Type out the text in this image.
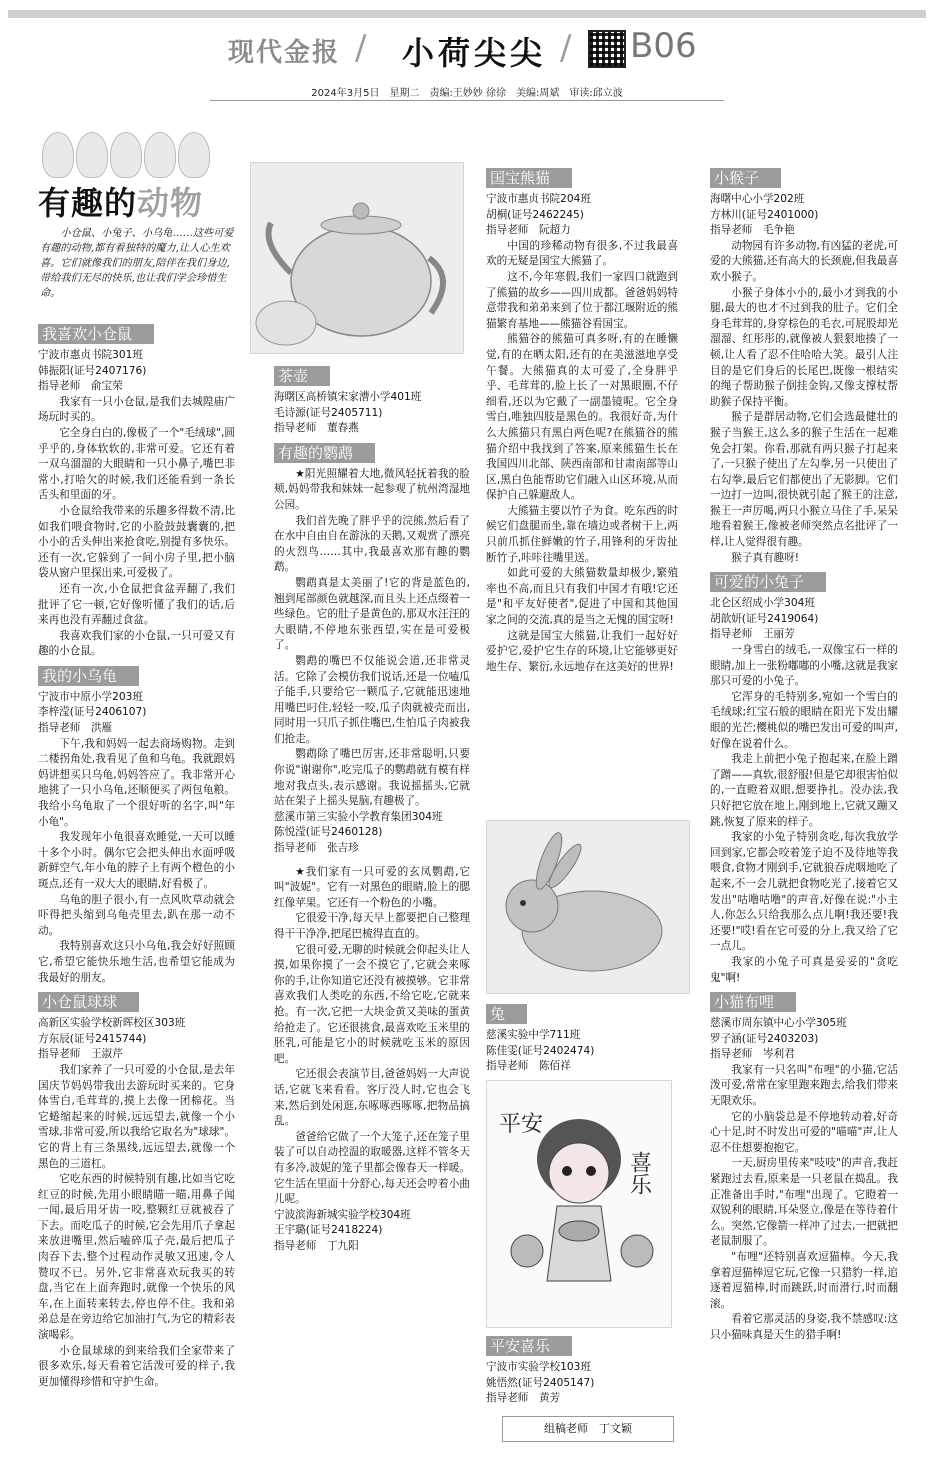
现代金报 / 小荷尖尖 / B06
2024年3月5日　星期二　责编:王妙妙 徐徐　美编:周斌　审读:邱立波
有趣的动物
小仓鼠、小兔子、小乌龟……这些可爱有趣的动物,都有着独特的魔力,让人心生欢喜。它们就像我们的朋友,陪伴在我们身边,带给我们无尽的快乐,也让我们学会珍惜生命。
我喜欢小仓鼠

宁波市惠贞书院301班

韩振阳(证号2407176)

指导老师　俞宝荣

我家有一只小仓鼠,是我们去城隍庙广场玩时买的。

它全身白白的,像极了一个"毛绒球",圆乎乎的,身体软软的,非常可爱。它还有着一双乌溜溜的大眼睛和一只小鼻子,嘴巴非常小,打哈欠的时候,我们还能看到一条长舌头和里面的牙。

小仓鼠给我带来的乐趣多得数不清,比如我们喂食物时,它的小脸鼓鼓囊囊的,把小小的舌头伸出来抢食吃,别提有多快乐。还有一次,它躲到了一间小房子里,把小脑袋从窗户里探出来,可爱极了。

还有一次,小仓鼠把食盆弄翻了,我们批评了它一顿,它好像听懂了我们的话,后来再也没有弄翻过食盆。

我喜欢我们家的小仓鼠,一只可爱又有趣的小仓鼠。

我的小乌龟

宁波市中原小学203班

李梓滢(证号2406107)

指导老师　洪雁

下午,我和妈妈一起去商场购物。走到二楼拐角处,我看见了鱼和乌龟。我就跟妈妈讲想买只乌龟,妈妈答应了。我非常开心地挑了一只小乌龟,还顺便买了两包龟粮。我给小乌龟取了一个很好听的名字,叫"年小龟"。

我发现年小龟很喜欢睡觉,一天可以睡十多个小时。偶尔它会把头伸出水面呼吸新鲜空气,年小龟的脖子上有两个橙色的小斑点,还有一双大大的眼睛,好看极了。

乌龟的胆子很小,有一点风吹草动就会吓得把头缩到乌龟壳里去,趴在那一动不动。

我特别喜欢这只小乌龟,我会好好照顾它,希望它能快乐地生活,也希望它能成为我最好的朋友。

小仓鼠球球

高新区实验学校新晖校区303班

方东辰(证号2415744)

指导老师　王淑芹

我们家养了一只可爱的小仓鼠,是去年国庆节妈妈带我出去游玩时买来的。它身体雪白,毛茸茸的,摸上去像一团棉花。当它蜷缩起来的时候,远远望去,就像一个小雪球,非常可爱,所以我给它取名为"球球"。它的背上有三条黑线,远远望去,就像一个黑色的三道杠。

它吃东西的时候特别有趣,比如当它吃红豆的时候,先用小眼睛瞄一瞄,用鼻子闻一闻,最后用牙齿一咬,整颗红豆就被吞了下去。而吃瓜子的时候,它会先用爪子拿起来放进嘴里,然后嗑碎瓜子壳,最后把瓜子肉吞下去,整个过程动作灵敏又迅速,令人赞叹不已。另外,它非常喜欢玩我买的转盘,当它在上面奔跑时,就像一个快乐的风车,在上面转来转去,停也停不住。我和弟弟总是在旁边给它加油打气,为它的精彩表演喝彩。

小仓鼠球球的到来给我们全家带来了很多欢乐,每天看着它活泼可爱的样子,我更加懂得珍惜和守护生命。

茶壶

海曙区高桥镇宋家漕小学401班

毛诗源(证号2405711)

指导老师　董春燕

有趣的鹦鹉

★阳光照耀着大地,微风轻抚着我的脸颊,妈妈带我和妹妹一起参观了杭州湾湿地公园。

我们首先晚了胖乎乎的浣熊,然后看了在水中自由自在游泳的天鹅,又观赏了漂亮的火烈鸟……其中,我最喜欢那有趣的鹦鹉。

鹦鹉真是太美丽了!它的背是蓝色的,翘到尾部颜色就越深,而且头上还点缀着一些绿色。它的肚子是黄色的,那双水汪汪的大眼睛,不停地东张西望,实在是可爱极了。

鹦鹉的嘴巴不仅能说会道,还非常灵活。它除了会模仿我们说话,还是一位嗑瓜子能手,只要给它一颗瓜子,它就能迅速地用嘴巴叼住,轻轻一咬,瓜子肉就被壳而出,同时用一只爪子抓住嘴巴,生怕瓜子肉被我们抢走。

鹦鹉除了嘴巴厉害,还非常聪明,只要你说"谢谢你",吃完瓜子的鹦鹉就有模有样地对我点头,表示感谢。我说摇摇头,它就站在架子上摇头晃脑,有趣极了。

慈溪市第三实验小学教育集团304班

陈悦滢(证号2460128)

指导老师　张吉珍

★我们家有一只可爱的玄凤鹦鹉,它叫"波妮"。它有一对黑色的眼睛,脸上的腮红像苹果。它还有一个粉色的小嘴。

它很爱干净,每天早上都要把自己整理得干干净净,把尾巴梳得直直的。

它很可爱,无聊的时候就会仰起头让人摸,如果你摸了一会不摸它了,它就会来啄你的手,让你知道它还没有被摸够。它非常喜欢我们人类吃的东西,不给它吃,它就来抢。有一次,它把一大块金黄又美味的蛋黄给抢走了。它还很挑食,最喜欢吃玉米里的胚乳,可能是它小的时候就吃玉米的原因吧。

它还很会表演节目,爸爸妈妈一大声说话,它就飞来看看。客厅没人时,它也会飞来,然后到处闲逛,东啄啄西啄啄,把物品搞乱。

爸爸给它做了一个大笼子,还在笼子里装了可以自动控温的取暖器,这样不管冬天有多冷,波妮的笼子里都会像春天一样暖。它生活在里面十分舒心,每天还会哼着小曲儿呢。

宁波滨海新城实验学校304班

王宇璐(证号2418224)

指导老师　丁九阳

国宝熊猫

宁波市惠贞书院204班

胡桐(证号2462245)

指导老师　阮超力

中国的珍稀动物有很多,不过我最喜欢的无疑是国宝大熊猫了。

这不,今年寒假,我们一家四口就跑到了熊猫的故乡——四川成都。爸爸妈妈特意带我和弟弟来到了位于都江堰附近的熊猫繁育基地——熊猫谷看国宝。

熊猫谷的熊猫可真多呀,有的在睡懒觉,有的在晒太阳,还有的在美滋滋地享受午餐。大熊猫真的太可爱了,全身胖乎乎、毛茸茸的,脸上长了一对黑眼圈,不仔细看,还以为它戴了一副墨镜呢。它全身雪白,唯独四肢是黑色的。我很好奇,为什么大熊猫只有黑白两色呢?在熊猫谷的熊猫介绍中我找到了答案,原来熊猫生长在我国四川北部、陕西南部和甘肃南部等山区,黑白色能帮助它们融入山区环境,从而保护自己躲避敌人。

大熊猫主要以竹子为食。吃东西的时候它们盘腿而坐,靠在墙边或者树干上,两只前爪抓住鲜嫩的竹子,用锋利的牙齿扯断竹子,咔咔往嘴里送。

如此可爱的大熊猫数量却极少,繁殖率也不高,而且只有我们中国才有哦!它还是"和平友好使者",促进了中国和其他国家之间的交流,真的是当之无愧的国宝呀!

这就是国宝大熊猫,让我们一起好好爱护它,爱护它生存的环境,让它能够更好地生存、繁衍,永远地存在这美好的世界!

兔

慈溪实验中学711班

陈佳雯(证号2402474)

指导老师　陈佰祥

平安
喜乐
平安喜乐

宁波市实验学校103班

姚悟然(证号2405147)

指导老师　黄芳

组稿老师　丁文颖
小猴子

海曙中心小学202班

方林川(证号2401000)

指导老师　毛争艳

动物园有许多动物,有凶猛的老虎,可爱的大熊猫,还有高大的长颈鹿,但我最喜欢小猴子。

小猴子身体小小的,最小才到我的小腿,最大的也才不过到我的肚子。它们全身毛茸茸的,身穿棕色的毛衣,可屁股却光溜溜、红彤彤的,就像被人狠狠地揍了一顿,让人看了忍不住哈哈大笑。最引人注目的是它们身后的长尾巴,既像一根结实的绳子帮助猴子倒挂金钩,又像支撑杖帮助猴子保持平衡。

猴子是群居动物,它们会选最健壮的猴子当猴王,这么多的猴子生活在一起难免会打架。你看,那就有两只猴子打起来了,一只猴子使出了左勾拳,另一只使出了右勾拳,最后它们都使出了无影脚。它们一边打一边叫,很快就引起了猴王的注意,猴王一声厉喝,两只小猴立马住了手,呆呆地看着猴王,像被老师突然点名批评了一样,让人觉得很有趣。

猴子真有趣呀!

可爱的小兔子

北仑区绍成小学304班

胡歆妍(证号2419064)

指导老师　王丽芳

一身雪白的绒毛,一双像宝石一样的眼睛,加上一张粉嘟嘟的小嘴,这就是我家那只可爱的小兔子。

它浑身的毛特别多,宛如一个雪白的毛绒球;红宝石般的眼睛在阳光下发出耀眼的光芒;樱桃似的嘴巴发出可爱的叫声,好像在说着什么。

我走上前把小兔子抱起来,在脸上蹭了蹭——真软,很舒服!但是它却很害怕似的,一直瞪着双眼,想要挣扎。没办法,我只好把它放在地上,刚到地上,它就又蹦又跳,恢复了原来的样子。

我家的小兔子特别贪吃,每次我放学回到家,它都会咬着笼子迫不及待地等我喂食,食物才刚到手,它就狼吞虎咽地吃了起来,不一会儿就把食物吃光了,接着它又发出"咕噜咕噜"的声音,好像在说:"小主人,你怎么只给我那么点儿啊!我还要!我还要!"哎!看在它可爱的分上,我又给了它一点儿。

我家的小兔子可真是妥妥的"贪吃鬼"啊!

小猫布哩

慈溪市周东镇中心小学305班

罗子涵(证号2403203)

指导老师　岑利君

我家有一只名叫"布哩"的小猫,它活泼可爱,常常在家里跑来跑去,给我们带来无限欢乐。

它的小脑袋总是不停地转动着,好奇心十足,时不时发出可爱的"喵喵"声,让人忍不住想要抱抱它。

一天,厨房里传来"吱吱"的声音,我赶紧跑过去看,原来是一只老鼠在捣乱。我正准备出手时,"布哩"出现了。它瞪着一双锐利的眼睛,耳朵竖立,像是在等待着什么。突然,它像箭一样冲了过去,一把就把老鼠制服了。

"布哩"还特别喜欢逗猫棒。今天,我拿着逗猫棒逗它玩,它像一只猎豹一样,追逐着逗猫棒,时而跳跃,时而滑行,时而翻滚。

看着它那灵活的身姿,我不禁感叹:这只小猫味真是天生的猎手啊!
